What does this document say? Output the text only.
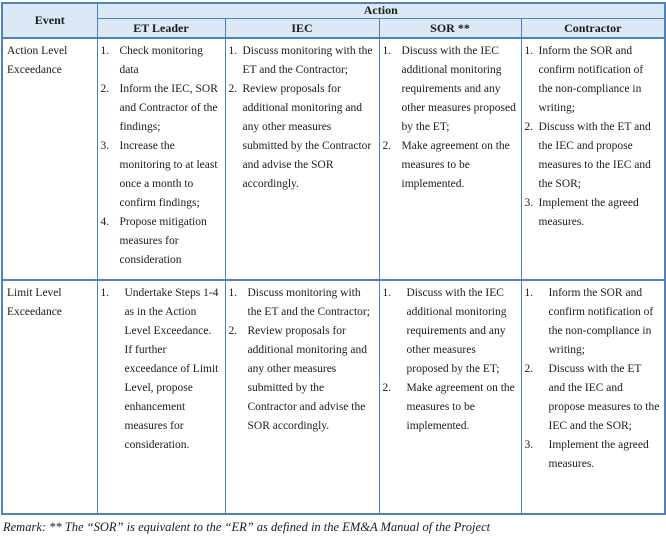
Event	Action			
	ET Leader	IEC	SOR **	Contractor
Action Level Exceedance	
1. Check monitoring data
2. Inform the IEC, SOR and Contractor of the findings;
3. Increase the monitoring to at least once a month to confirm findings;
4. Propose mitigation measures for consideration

1. Discuss monitoring with the ET and the Contractor;
2. Review proposals for additional monitoring and any other measures submitted by the Contractor and advise the SOR accordingly.

1. Discuss with the IEC additional monitoring requirements and any other measures proposed by the ET;
2. Make agreement on the measures to be implemented.

1. Inform the SOR and confirm notification of the non-compliance in writing;
2. Discuss with the ET and the IEC and propose measures to the IEC and the SOR;
3. Implement the agreed measures.

Limit Level Exceedance	
1.	Undertake Steps 1-4 as in the Action Level Exceedance. If further exceedance of Limit Level, propose enhancement measures for consideration.

1. Discuss monitoring with the ET and the Contractor;
2. Review proposals for additional monitoring and any other measures submitted by the Contractor and advise the SOR accordingly.

1.	Discuss with the IEC additional monitoring requirements and any other measures proposed by the ET;
2.	Make agreement on the measures to be implemented.

1.	Inform the SOR and confirm notification of the non-compliance in writing;
2.	Discuss with the ET and the IEC and propose measures to the IEC and the SOR;
3.	Implement the agreed measures.
Remark: ** The “SOR” is equivalent to the “ER” as defined in the EM&A Manual of the Project
